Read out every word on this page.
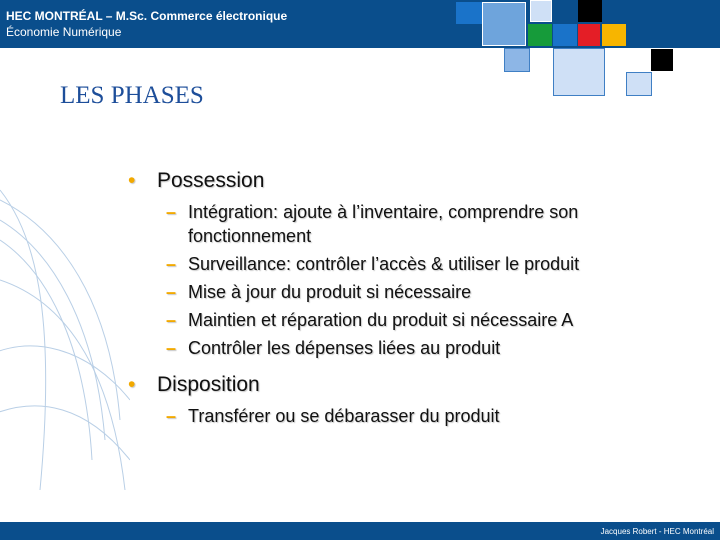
HEC MONTRÉAL – M.Sc. Commerce électronique
Économie Numérique
LES PHASES
• Possession
– Intégration: ajoute à l’inventaire, comprendre son fonctionnement
– Surveillance: contrôler l’accès & utiliser le produit
– Mise à jour du produit si nécessaire
– Maintien et réparation du produit si nécessaire A
– Contrôler les dépenses liées au produit
• Disposition
– Transférer ou se débarasser du produit
Jacques Robert - HEC Montréal
